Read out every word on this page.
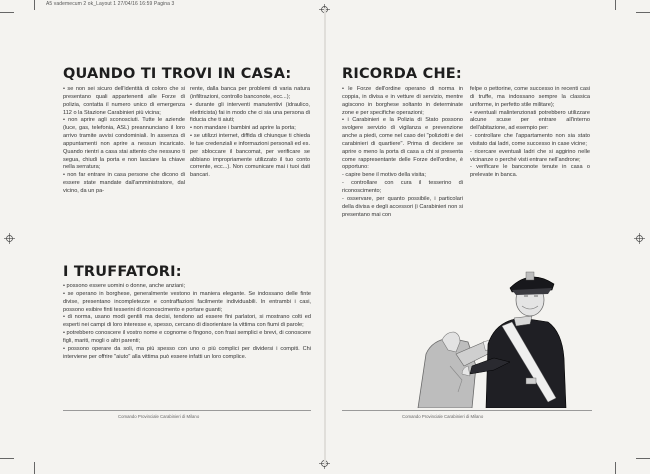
A5 vademecum 2 ok_Layout 1 27/04/16 16:59 Pagina 3
QUANDO TI TROVI IN CASA:

• se non sei sicuro dell'identità di coloro che si presentano quali appartenenti alle Forze di polizia, contatta il numero unico di emergenza 112 o la Stazione Carabinieri più vicina;

• non aprire agli sconosciuti. Tutte le aziende (luce, gas, telefonia, ASL) preannunciano il loro arrivo tramite avvisi condominiali. In assenza di appuntamenti non aprire a nessun incaricato. Quando rientri a casa stai attento che nessuno ti segua, chiudi la porta e non lasciare la chiave nella serratura;

• non far entrare in casa persone che dicono di essere state mandate dall'amministratore, dal vicino, da un pa-

rente, dalla banca per problemi di varia natura (infiltrazioni, controllo banconote, ecc...);

• durante gli interventi manutentivi (idraulico, elettricista) fai in modo che ci sia una persona di fiducia che ti aiuti;

• non mandare i bambini ad aprire la porta;

• se utilizzi internet, diffida di chiunque ti chieda le tue credenziali e informazioni personali ed es. per sbloccare il bancomat, per verificare se abbiano impropriamente utilizzato il tuo conto corrente, ecc...). Non comunicare mai i tuoi dati bancari.

I TRUFFATORI:

• possono essere uomini o donne, anche anziani;

• se operano in borghese, generalmente vestono in maniera elegante. Se indossano delle finte divise, presentano incompletezze e contraffazioni facilmente individuabili. In entrambi i casi, possono esibire finti tesserini di riconoscimento e portare guanti;

• di norma, usano modi gentili ma decisi, tendono ad essere fini parlatori, si mostrano colti ed esperti nei campi di loro interesse e, spesso, cercano di disorientare la vittima con fiumi di parole;

• potrebbero conoscere il vostro nome e cognome o fingono, con frasi semplici e brevi, di conoscere figli, mariti, mogli o altri parenti;

• possono operare da soli, ma più spesso con uno o più complici per dividersi i compiti. Chi interviene per offrire "aiuto" alla vittima può essere infatti un loro complice.

Comando Provinciale Carabinieri di Milano
RICORDA CHE:

• le Forze dell'ordine operano di norma in coppia, in divisa e in vetture di servizio, mentre agiscono in borghese soltanto in determinate zone e per specifiche operazioni;

• i Carabinieri e la Polizia di Stato possono svolgere servizio di vigilanza e prevenzione anche a piedi, come nel caso dei "poliziotti e dei carabinieri di quartiere". Prima di decidere se aprire o meno la porta di casa a chi si presenta come rappresentante delle Forze dell'ordine, è opportuno:

- capire bene il motivo della visita;

- controllare con cura il tesserino di riconoscimento;

- osservare, per quanto possibile, i particolari della divisa e degli accessori (i Carabinieri non si presentano mai con

felpe o pettorine, come successo in recenti casi di truffe, ma indossano sempre la classica uniforme, in perfetto stile militare);

• eventuali malintenzionati potrebbero utilizzare alcune scuse per entrare all'interno dell'abitazione, ad esempio per:

- controllare che l'appartamento non sia stato visitato dai ladri, come successo in case vicine;

- ricercare eventuali ladri che si aggirino nelle vicinanze o perché visti entrare nell'androne;

- verificare le banconote tenute in casa o prelevate in banca.

Comando Provinciale Carabinieri di Milano
